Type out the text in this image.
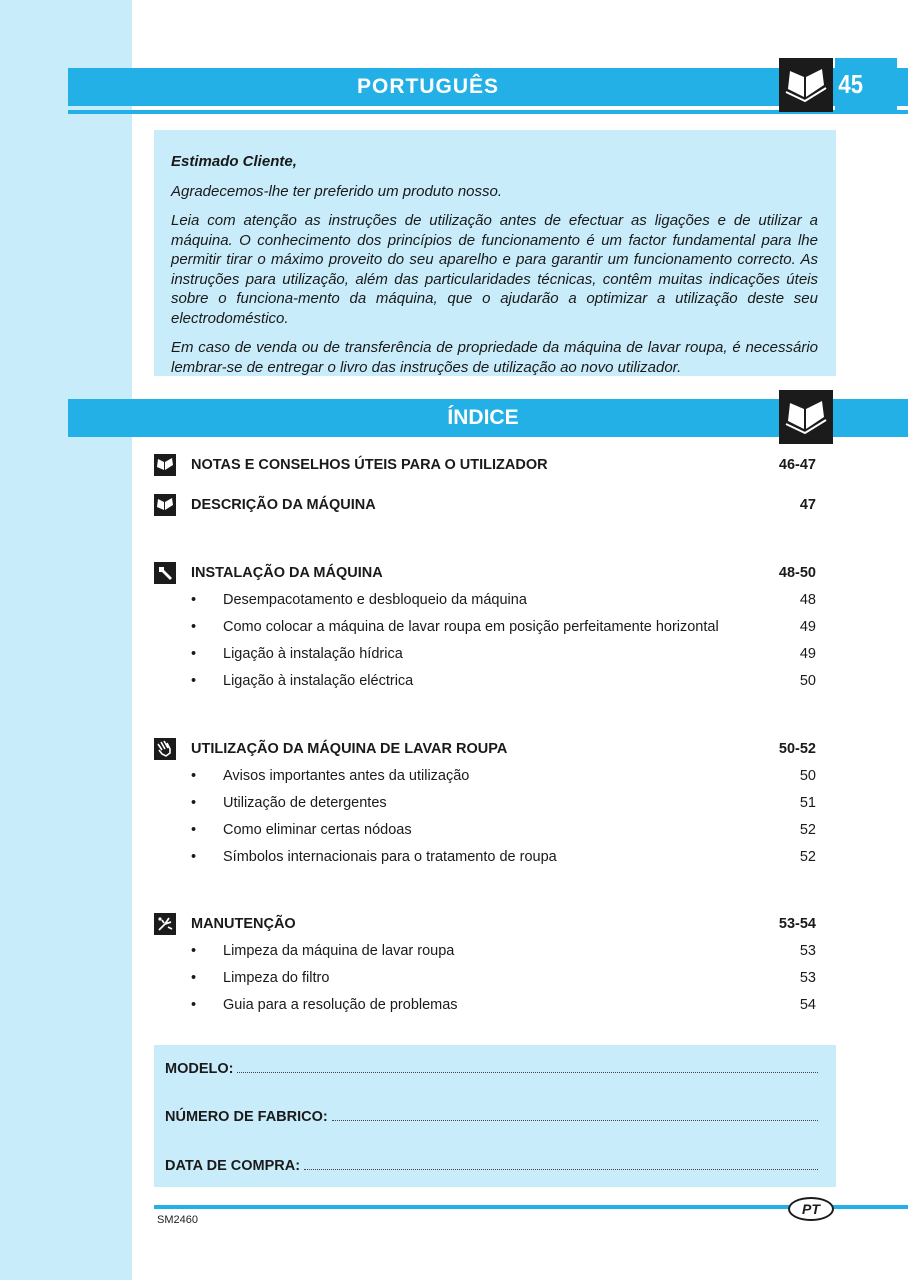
PORTUGUÊS	45

Estimado Cliente,

Agradecemos-lhe ter preferido um produto nosso.

Leia com atenção as instruções de utilização antes de efectuar as ligações e de utilizar a máquina. O conhecimento dos princípios de funcionamento é um factor fundamental para lhe permitir tirar o máximo proveito do seu aparelho e para garantir um funcionamento correcto. As instruções para utilização, além das particularidades técnicas, contêm muitas indicações úteis sobre o funciona-mento da máquina, que o ajudarão a optimizar a utilização deste seu electrodoméstico.

Em caso de venda ou de transferência de propriedade da máquina de lavar roupa, é necessário lembrar-se de entregar o livro das instruções de utilização ao novo utilizador.

ÍNDICE
NOTAS E CONSELHOS ÚTEIS PARA O UTILIZADOR	46-47
DESCRIÇÃO DA MÁQUINA	47
INSTALAÇÃO DA MÁQUINA	48-50
•	Desempacotamento e desbloqueio da máquina	48
•	Como colocar a máquina de lavar roupa em posição perfeitamente horizontal	49
•	Ligação à instalação hídrica	49
•	Ligação à instalação eléctrica	50
UTILIZAÇÃO DA MÁQUINA DE LAVAR ROUPA	50-52
•	Avisos importantes antes da utilização	50
•	Utilização de detergentes	51
•	Como eliminar certas nódoas	52
•	Símbolos internacionais para o tratamento de roupa	52
MANUTENÇÃO	53-54
•	Limpeza da máquina de lavar roupa	53
•	Limpeza do filtro	53
•	Guia para a resolução de problemas	54
MODELO:
NÚMERO DE FABRICO:
DATA DE COMPRA:
PT
SM2460
